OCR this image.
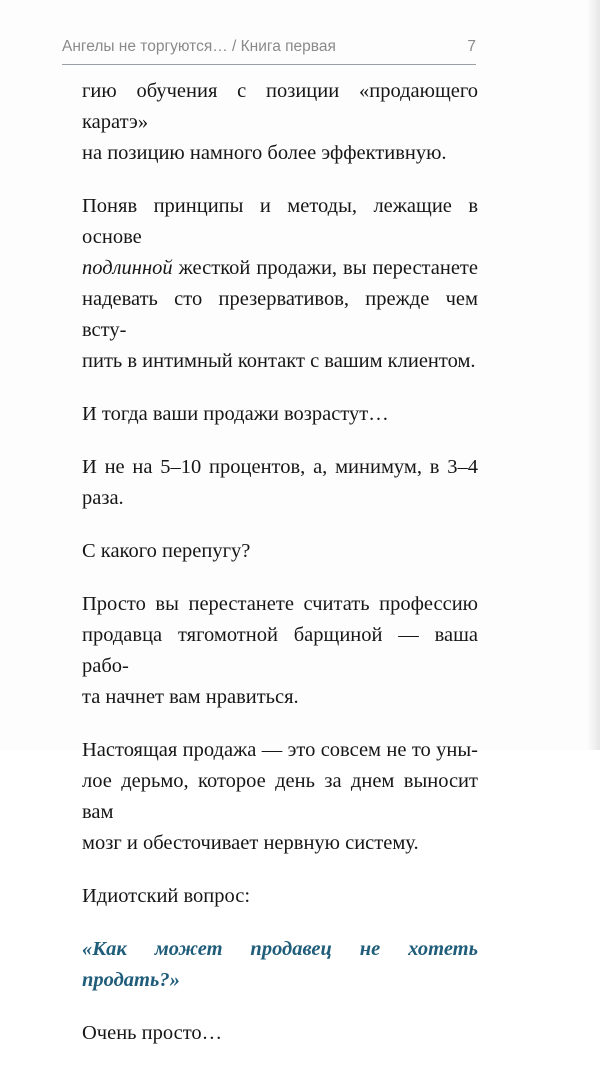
Ангелы не торгуются… / Книга первая	7

гию обучения с позиции «продающего каратэ»
на позицию намного более эффективную.

Поняв принципы и методы, лежащие в основе
подлинной жесткой продажи, вы перестанете
надевать сто презервативов, прежде чем всту-
пить в интимный контакт с вашим клиентом.

И тогда ваши продажи возрастут…

И не на 5–10 процентов, а, минимум, в 3–4
раза.

С какого перепугу?

Просто вы перестанете считать профессию
продавца тягомотной барщиной — ваша рабо-
та начнет вам нравиться.

Настоящая продажа — это совсем не то уны-
лое дерьмо, которое день за днем выносит вам
мозг и обесточивает нервную систему.

Идиотский вопрос:

«Как может продавец не хотеть продать?»

Очень просто…
